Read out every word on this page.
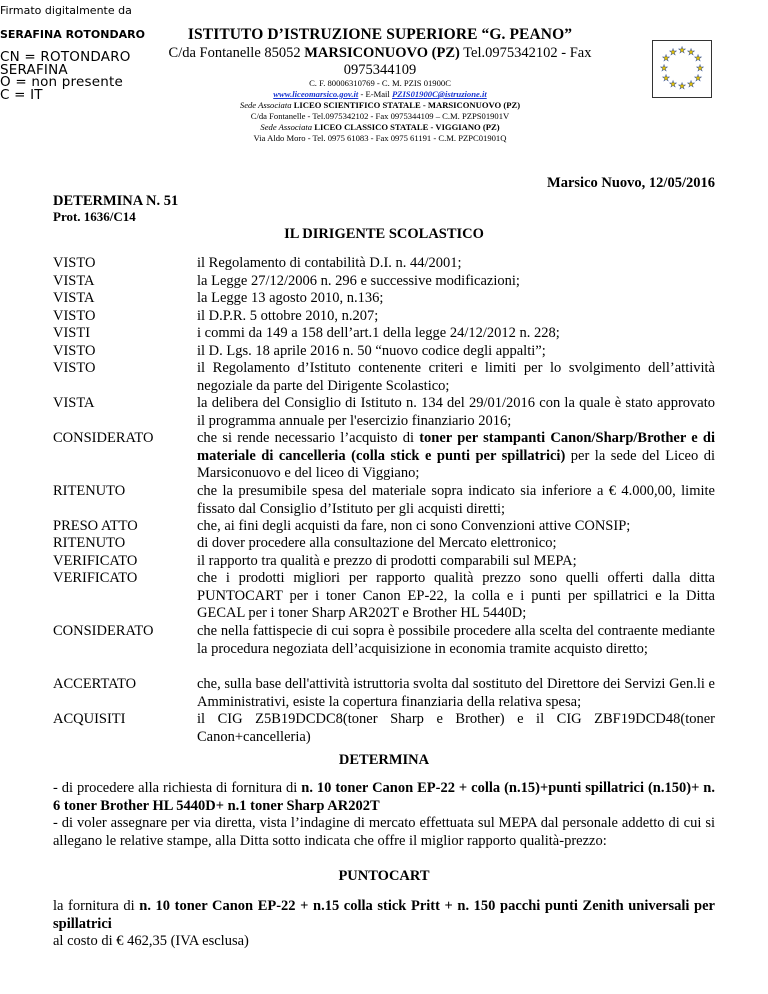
Firmato digitalmente da
SERAFINA ROTONDARO
CN = ROTONDARO
SERAFINA
O = non presente
C = IT
ISTITUTO D’ISTRUZIONE SUPERIORE “G. PEANO”
C/da Fontanelle 85052 MARSICONUOVO (PZ) Tel.0975342102 - Fax
0975344109
C. F. 80006310769 - C. M. PZIS 01900C
www.liceomarsico.gov.it - E-Mail PZIS01900C@istruzione.it
Sede Associata LICEO SCIENTIFICO STATALE - MARSICONUOVO (PZ)
C/da Fontanelle - Tel.0975342102 - Fax 0975344109 – C.M. PZPS01901V
Sede Associata LICEO CLASSICO STATALE - VIGGIANO (PZ)
Via Aldo Moro - Tel. 0975 61083 - Fax 0975 61191 - C.M. PZPC01901Q
★ ★
★
★
★
★
★
★
★
★
★
★
Marsico Nuovo, 12/05/2016
DETERMINA N. 51
Prot. 1636/C14
IL DIRIGENTE SCOLASTICO
VISTO
VISTA
VISTA
VISTO
VISTI
VISTO
VISTO
VISTA
CONSIDERATO
RITENUTO
PRESO ATTO
RITENUTO
VERIFICATO
VERIFICATO
CONSIDERATO
ACCERTATO
ACQUISITI
il Regolamento di contabilità D.I. n. 44/2001;
la Legge 27/12/2006 n. 296 e successive modificazioni;
la Legge 13 agosto 2010, n.136;
il D.P.R. 5 ottobre 2010, n.207;
i commi da 149 a 158 dell’art.1 della legge 24/12/2012 n. 228;
il D. Lgs. 18 aprile 2016 n. 50 “nuovo codice degli appalti”;
il Regolamento d’Istituto contenente criteri e limiti per lo svolgimento dell’attività negoziale da parte del Dirigente Scolastico;
la delibera del Consiglio di Istituto n. 134 del 29/01/2016 con la quale è stato approvato il programma annuale per l'esercizio finanziario 2016;
che si rende necessario l’acquisto di toner per stampanti Canon/Sharp/Brother e di materiale di cancelleria (colla stick e punti per spillatrici) per la sede del Liceo di Marsiconuovo e del liceo di Viggiano;
che la presumibile spesa del materiale sopra indicato sia inferiore a € 4.000,00, limite fissato dal Consiglio d’Istituto per gli acquisti diretti;
che, ai fini degli acquisti da fare, non ci sono Convenzioni attive CONSIP;
di dover procedere alla consultazione del Mercato elettronico;
il rapporto tra qualità e prezzo di prodotti comparabili sul MEPA;
che i prodotti migliori per rapporto qualità prezzo sono quelli offerti dalla ditta PUNTOCART per i toner Canon EP-22, la colla e i punti per spillatrici e la Ditta GECAL per i toner Sharp AR202T e Brother HL 5440D;
che nella fattispecie di cui sopra è possibile procedere alla scelta del contraente mediante la procedura negoziata dell’acquisizione in economia tramite acquisto diretto;
che, sulla base dell'attività istruttoria svolta dal sostituto del Direttore dei Servizi Gen.li e Amministrativi, esiste la copertura finanziaria della relativa spesa;
il CIG Z5B19DCDC8(toner Sharp e Brother) e il CIG ZBF19DCD48(toner Canon+cancelleria)
DETERMINA
- di procedere alla richiesta di fornitura di n. 10 toner Canon EP-22 + colla (n.15)+punti spillatrici (n.150)+ n. 6 toner Brother HL 5440D+ n.1 toner Sharp AR202T
- di voler assegnare per via diretta, vista l’indagine di mercato effettuata sul MEPA dal personale addetto di cui si allegano le relative stampe, alla Ditta sotto indicata che offre il miglior rapporto qualità-prezzo:
PUNTOCART
la fornitura di n. 10 toner Canon EP-22 + n.15 colla stick Pritt + n. 150 pacchi punti Zenith universali per spillatrici
al costo di € 462,35 (IVA esclusa)
